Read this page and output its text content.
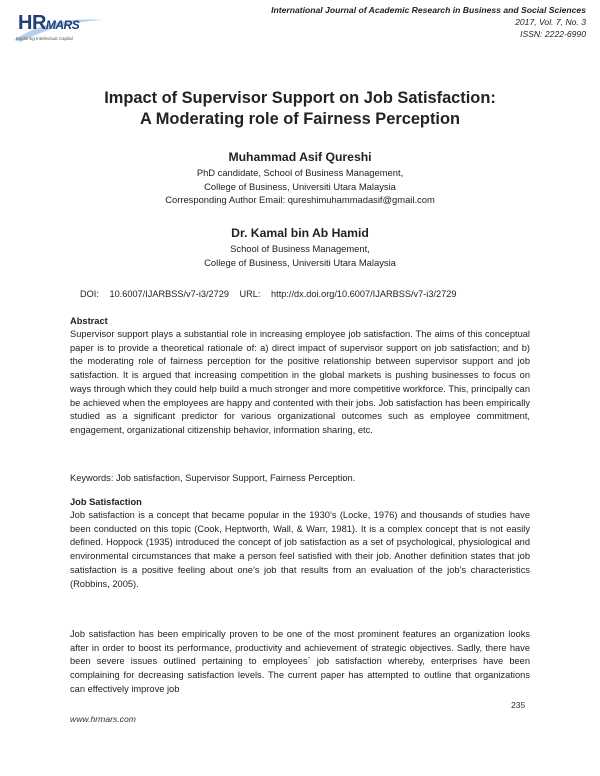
HRMARS
Exploring Intellectual Capital
International Journal of Academic Research in Business and Social Sciences
2017, Vol. 7, No. 3
ISSN: 2222-6990
Impact of Supervisor Support on Job Satisfaction:
A Moderating role of Fairness Perception
Muhammad Asif Qureshi
PhD candidate, School of Business Management,
College of Business, Universiti Utara Malaysia
Corresponding Author Email: qureshimuhammadasif@gmail.com
Dr. Kamal bin Ab Hamid
School of Business Management,
College of Business, Universiti Utara Malaysia
DOI: 10.6007/IJARBSS/v7-i3/2729 URL: http://dx.doi.org/10.6007/IJARBSS/v7-i3/2729
Abstract
Supervisor support plays a substantial role in increasing employee job satisfaction. The aims of this conceptual paper is to provide a theoretical rationale of: a) direct impact of supervisor support on job satisfaction; and b) the moderating role of fairness perception for the positive relationship between supervisor support and job satisfaction. It is argued that increasing competition in the global markets is pushing businesses to focus on ways through which they could help build a much stronger and more competitive workforce. This, principally can be achieved when the employees are happy and contented with their jobs. Job satisfaction has been empirically studied as a significant predictor for various organizational outcomes such as employee commitment, engagement, organizational citizenship behavior, information sharing, etc.
Keywords: Job satisfaction, Supervisor Support, Fairness Perception.
Job Satisfaction
Job satisfaction is a concept that became popular in the 1930’s (Locke, 1976) and thousands of studies have been conducted on this topic (Cook, Heptworth, Wall, & Warr, 1981). It is a complex concept that is not easily defined. Hoppock (1935) introduced the concept of job satisfaction as a set of psychological, physiological and environmental circumstances that make a person feel satisfied with their job. Another definition states that job satisfaction is a positive feeling about one’s job that results from an evaluation of the job’s characteristics (Robbins, 2005).
Job satisfaction has been empirically proven to be one of the most prominent features an organization looks after in order to boost its performance, productivity and achievement of strategic objectives. Sadly, there have been severe issues outlined pertaining to employees` job satisfaction whereby, enterprises have been complaining for decreasing satisfaction levels. The current paper has attempted to outline that organizations can effectively improve job
235
www.hrmars.com
